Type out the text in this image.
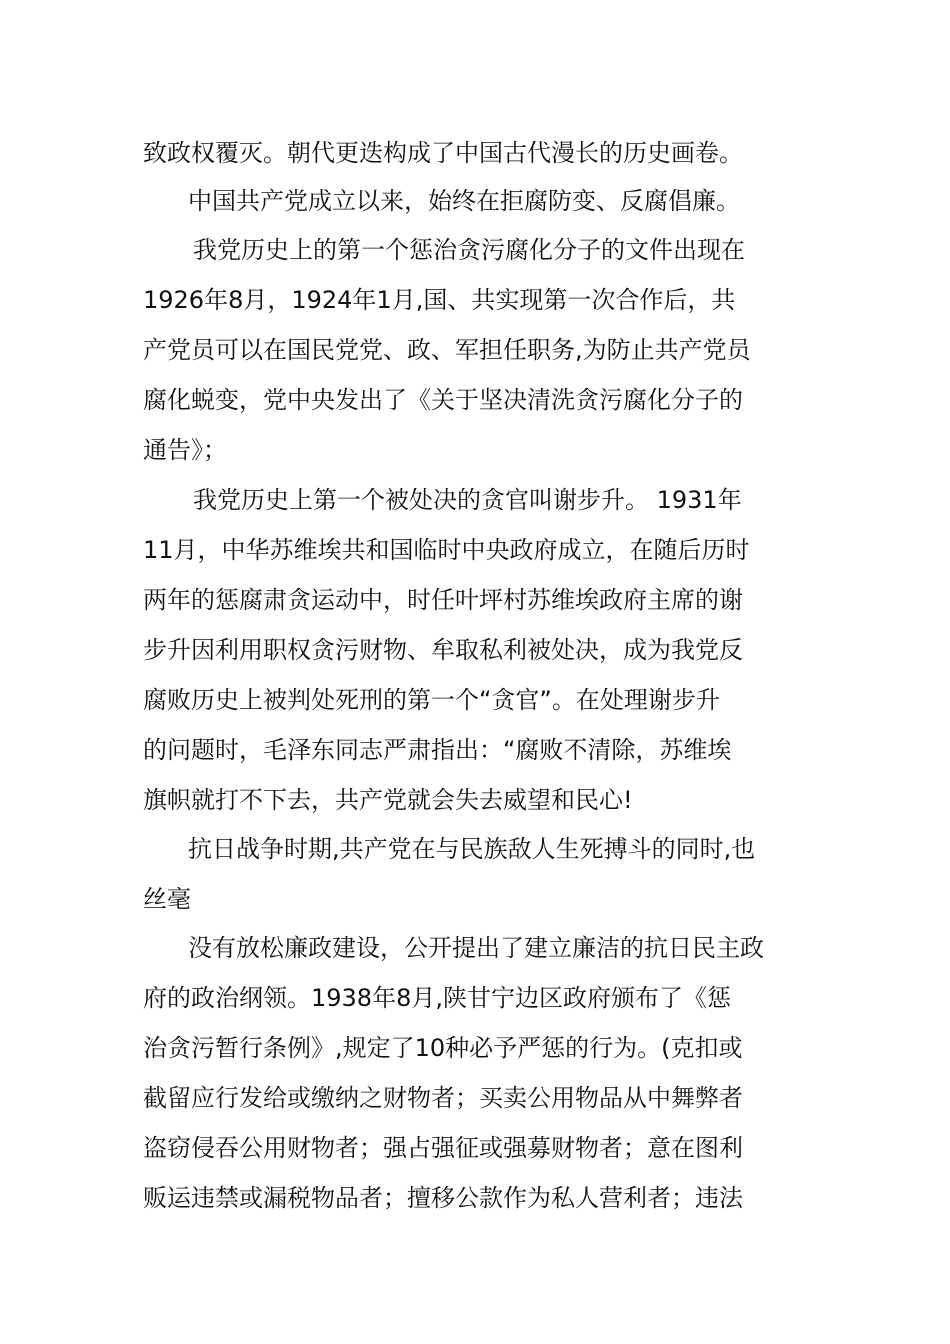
致政权覆灭。朝代更迭构成了中国古代漫长的历史画卷。
中国共产党成立以来，始终在拒腐防变、反腐倡廉。
我党历史上的第一个惩治贪污腐化分子的文件出现在
1926年8月，1924年1月,国、共实现第一次合作后，共
产党员可以在国民党党、政、军担任职务,为防止共产党员
腐化蜕变，党中央发出了《关于坚决清洗贪污腐化分子的
通告》；
我党历史上第一个被处决的贪官叫谢步升。 1931年
11月，中华苏维埃共和国临时中央政府成立，在随后历时
两年的惩腐肃贪运动中，时任叶坪村苏维埃政府主席的谢
步升因利用职权贪污财物、牟取私利被处决，成为我党反
腐败历史上被判处死刑的第一个“贪官”。在处理谢步升
的问题时，毛泽东同志严肃指出：“腐败不清除，苏维埃
旗帜就打不下去，共产党就会失去威望和民心!
抗日战争时期,共产党在与民族敌人生死搏斗的同时,也
丝毫
没有放松廉政建设，公开提出了建立廉洁的抗日民主政
府的政治纲领。1938年8月,陕甘宁边区政府颁布了《惩
治贪污暂行条例》,规定了10种必予严惩的行为。(克扣或
截留应行发给或缴纳之财物者；买卖公用物品从中舞弊者
盗窃侵吞公用财物者；强占强征或强募财物者；意在图利
贩运违禁或漏税物品者；擅移公款作为私人营利者；违法
